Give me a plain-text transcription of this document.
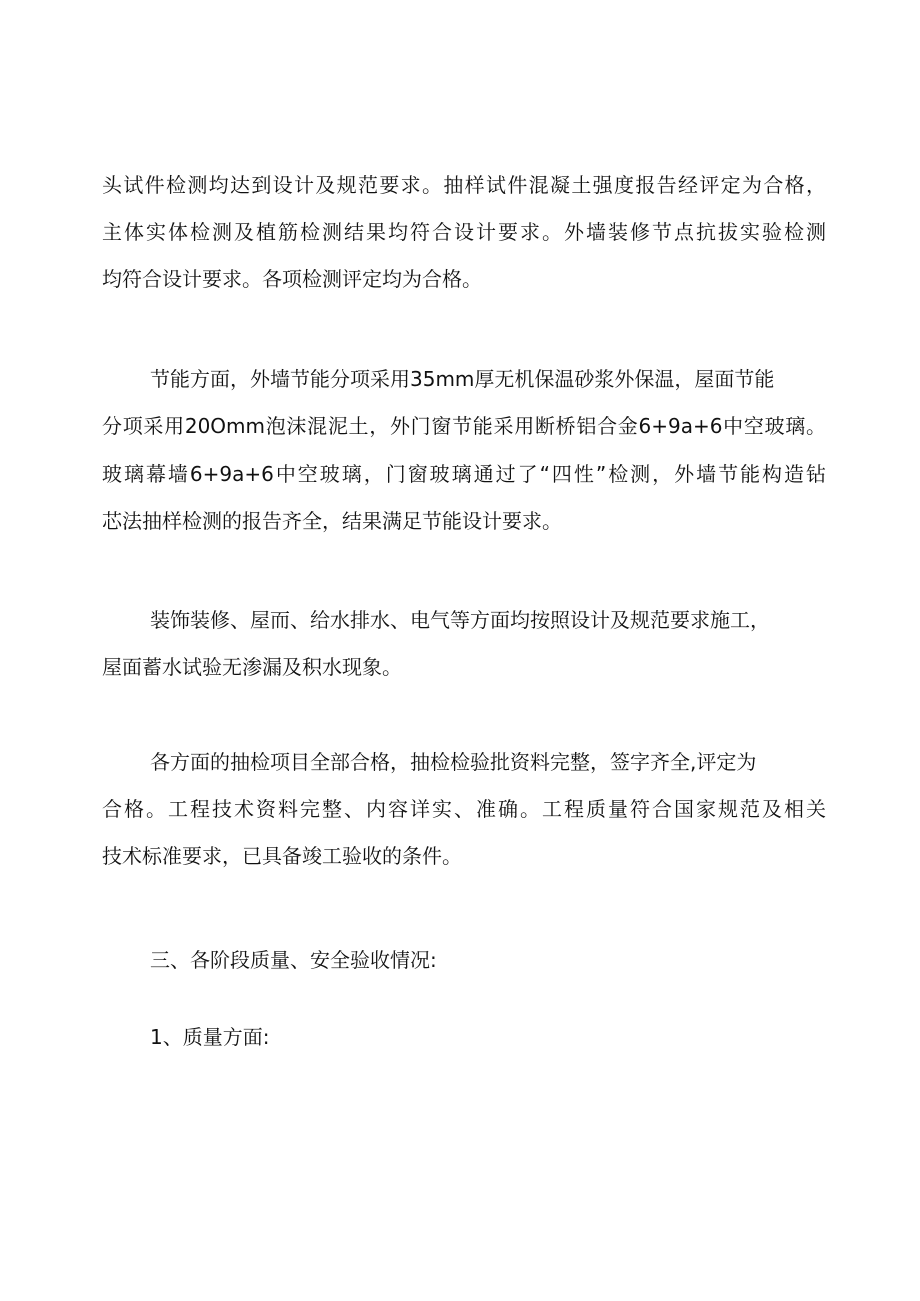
头试件检测均达到设计及规范要求。抽样试件混凝土强度报告经评定为合格，

主体实体检测及植筋检测结果均符合设计要求。外墙装修节点抗拔实验检测

均符合设计要求。各项检测评定均为合格。

节能方面，外墙节能分项采用35mm厚无机保温砂浆外保温，屋面节能

分项采用20Omm泡沫混泥土，外门窗节能采用断桥铝合金6+9a+6中空玻璃。

玻璃幕墙6+9a+6中空玻璃，门窗玻璃通过了“四性”检测，外墙节能构造钻

芯法抽样检测的报告齐全，结果满足节能设计要求。

装饰装修、屋而、给水排水、电气等方面均按照设计及规范要求施工，

屋面蓄水试验无渗漏及积水现象。

各方面的抽检项目全部合格，抽检检验批资料完整，签字齐全,评定为

合格。工程技术资料完整、内容详实、准确。工程质量符合国家规范及相关

技术标准要求，已具备竣工验收的条件。

三、各阶段质量、安全验收情况:

1、质量方面:
